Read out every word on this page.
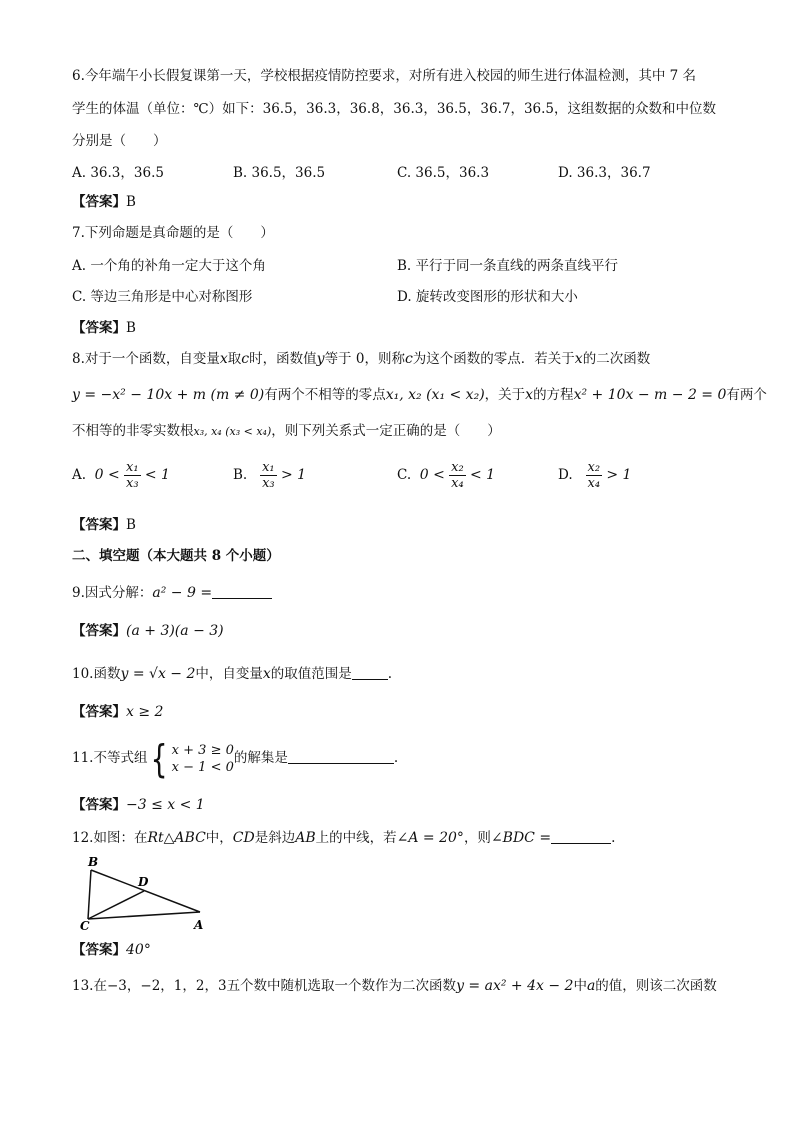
6.今年端午小长假复课第一天，学校根据疫情防控要求，对所有进入校园的师生进行体温检测，其中 7 名
学生的体温（单位：℃）如下：36.5，36.3，36.8，36.3，36.5，36.7，36.5，这组数据的众数和中位数
分别是（　　）
A. 36.3，36.5	B. 36.5，36.5	C. 36.5，36.3	D. 36.3，36.7
【答案】B
7.下列命题是真命题的是（　　）
A. 一个角的补角一定大于这个角	B. 平行于同一条直线的两条直线平行
C. 等边三角形是中心对称图形	D. 旋转改变图形的形状和大小
【答案】B
8.对于一个函数，自变量x取c时，函数值y等于 0，则称c为这个函数的零点．若关于x的二次函数
y = −x² − 10x + m (m ≠ 0)有两个不相等的零点x₁, x₂ (x₁ < x₂)，关于x的方程x² + 10x − m − 2 = 0有两个
不相等的非零实数根x₃, x₄ (x₃ < x₄)，则下列关系式一定正确的是（　　）
A. $0 < \frac{\text{x₁}}{\text{x₃}} < 1$	B. $\frac{\text{x₁}}{\text{x₃}} > 1$	C. $0 < \frac{\text{x₂}}{\text{x₄}} < 1$	D. $\frac{\text{x₂}}{\text{x₄}} > 1$
【答案】B
二、填空题（本大题共 8 个小题）
9.因式分解：a² − 9 =
【答案】(a + 3)(a − 3)
10.函数y = √x − 2中，自变量x的取值范围是	.
【答案】x ≥ 2
11.不等式组 { x + 3 ≥ 0
x − 1 < 0
的解集是	.
【答案】−3 ≤ x < 1
12.如图：在Rt△ABC中，CD是斜边AB上的中线，若∠A = 20°，则∠BDC =	.
B
D
C	A
【答案】40°
13.在−3，−2，1，2，3五个数中随机选取一个数作为二次函数y = ax² + 4x − 2中a的值，则该二次函数
